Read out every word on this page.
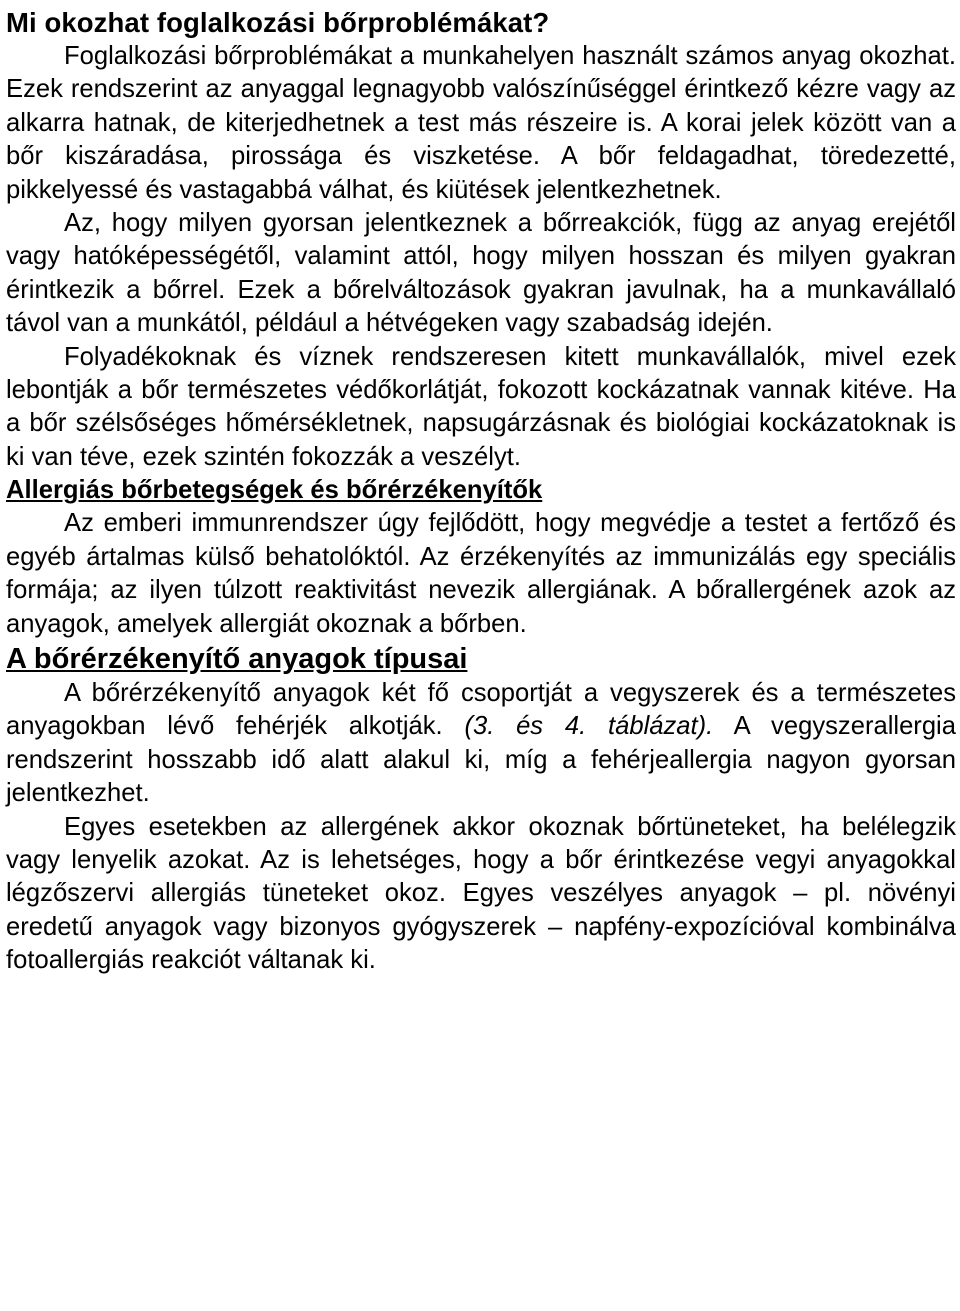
Mi okozhat foglalkozási bőrproblémákat?

Foglalkozási bőrproblémákat a munkahelyen használt számos anyag okozhat. Ezek rendszerint az anyaggal legnagyobb valószínűséggel érintkező kézre vagy az alkarra hatnak, de kiterjedhetnek a test más részeire is. A korai jelek között van a bőr kiszáradása, pirossága és viszketése. A bőr feldagadhat, töredezetté, pikkelyessé és vastagabbá válhat, és kiütések jelentkezhetnek.

Az, hogy milyen gyorsan jelentkeznek a bőrreakciók, függ az anyag erejétől vagy hatóképességétől, valamint attól, hogy milyen hosszan és milyen gyakran érintkezik a bőrrel. Ezek a bőrelváltozások gyakran javulnak, ha a munkavállaló távol van a munkától, például a hétvégeken vagy szabadság idején.

Folyadékoknak és víznek rendszeresen kitett munkavállalók, mivel ezek lebontják a bőr természetes védőkorlátját, fokozott kockázatnak vannak kitéve. Ha a bőr szélsőséges hőmérsékletnek, napsugárzásnak és biológiai kockázatoknak is ki van téve, ezek szintén fokozzák a veszélyt.

Allergiás bőrbetegségek és bőrérzékenyítők

Az emberi immunrendszer úgy fejlődött, hogy megvédje a testet a fertőző és egyéb ártalmas külső behatolóktól. Az érzékenyítés az immunizálás egy speciális formája; az ilyen túlzott reaktivitást nevezik allergiának. A bőrallergének azok az anyagok, amelyek allergiát okoznak a bőrben.

A bőrérzékenyítő anyagok típusai

A bőrérzékenyítő anyagok két fő csoportját a vegyszerek és a természetes anyagokban lévő fehérjék alkotják. (3. és 4. táblázat). A vegyszerallergia rendszerint hosszabb idő alatt alakul ki, míg a fehérjeallergia nagyon gyorsan jelentkezhet.

Egyes esetekben az allergének akkor okoznak bőrtüneteket, ha belélegzik vagy lenyelik azokat. Az is lehetséges, hogy a bőr érintkezése vegyi anyagokkal légzőszervi allergiás tüneteket okoz. Egyes veszélyes anyagok – pl. növényi eredetű anyagok vagy bizonyos gyógyszerek – napfény-expozícióval kombinálva fotoallergiás reakciót váltanak ki.
